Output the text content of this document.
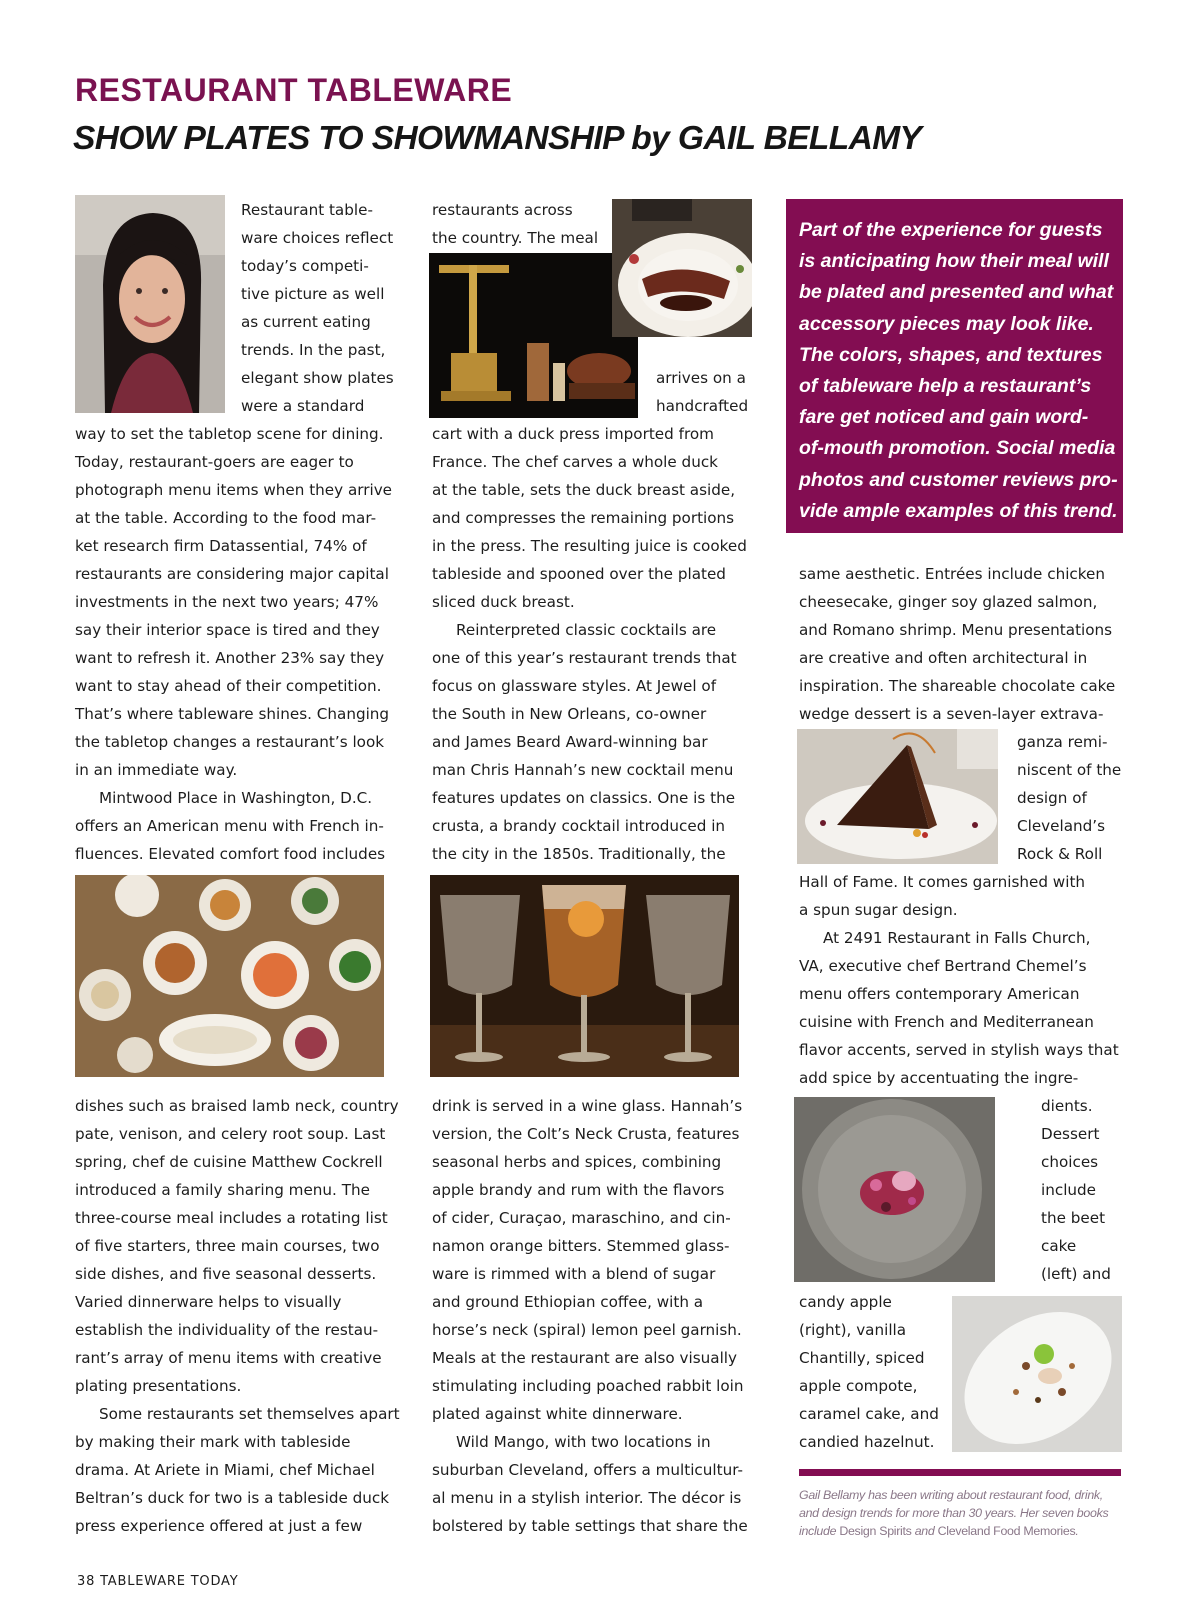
RESTAURANT TABLEWARE
SHOW PLATES TO SHOWMANSHIP by GAIL BELLAMY
Part of the experience for guests
is anticipating how their meal will
be plated and presented and what
accessory pieces may look like.
The colors, shapes, and textures
of tableware help a restaurant’s
fare get noticed and gain word-
of-mouth promotion. Social media
photos and customer reviews pro-
vide ample examples of this trend.
Restaurant table-
ware choices reflect
today’s competi-
tive picture as well
as current eating
trends. In the past,
elegant show plates
were a standard
way to set the tabletop scene for dining.
Today, restaurant-goers are eager to
photograph menu items when they arrive
at the table. According to the food mar-
ket research firm Datassential, 74% of
restaurants are considering major capital
investments in the next two years; 47%
say their interior space is tired and they
want to refresh it. Another 23% say they
want to stay ahead of their competition.
That’s where tableware shines. Changing
the tabletop changes a restaurant’s look
in an immediate way.
Mintwood Place in Washington, D.C.
offers an American menu with French in-
fluences. Elevated comfort food includes
dishes such as braised lamb neck, country
pate, venison, and celery root soup. Last
spring, chef de cuisine Matthew Cockrell
introduced a family sharing menu. The
three-course meal includes a rotating list
of five starters, three main courses, two
side dishes, and five seasonal desserts.
Varied dinnerware helps to visually
establish the individuality of the restau-
rant’s array of menu items with creative
plating presentations.
Some restaurants set themselves apart
by making their mark with tableside
drama. At Ariete in Miami, chef Michael
Beltran’s duck for two is a tableside duck
press experience offered at just a few
restaurants across
the country. The meal
arrives on a
handcrafted
cart with a duck press imported from
France. The chef carves a whole duck
at the table, sets the duck breast aside,
and compresses the remaining portions
in the press. The resulting juice is cooked
tableside and spooned over the plated
sliced duck breast.
Reinterpreted classic cocktails are
one of this year’s restaurant trends that
focus on glassware styles. At Jewel of
the South in New Orleans, co-owner
and James Beard Award-winning bar
man Chris Hannah’s new cocktail menu
features updates on classics. One is the
crusta, a brandy cocktail introduced in
the city in the 1850s. Traditionally, the
drink is served in a wine glass. Hannah’s
version, the Colt’s Neck Crusta, features
seasonal herbs and spices, combining
apple brandy and rum with the flavors
of cider, Curaçao, maraschino, and cin-
namon orange bitters. Stemmed glass-
ware is rimmed with a blend of sugar
and ground Ethiopian coffee, with a
horse’s neck (spiral) lemon peel garnish.
Meals at the restaurant are also visually
stimulating including poached rabbit loin
plated against white dinnerware.
Wild Mango, with two locations in
suburban Cleveland, offers a multicultur-
al menu in a stylish interior. The décor is
bolstered by table settings that share the
same aesthetic. Entrées include chicken
cheesecake, ginger soy glazed salmon,
and Romano shrimp. Menu presentations
are creative and often architectural in
inspiration. The shareable chocolate cake
wedge dessert is a seven-layer extrava-
ganza remi-
niscent of the
design of
Cleveland’s
Rock & Roll
Hall of Fame. It comes garnished with
a spun sugar design.
At 2491 Restaurant in Falls Church,
VA, executive chef Bertrand Chemel’s
menu offers contemporary American
cuisine with French and Mediterranean
flavor accents, served in stylish ways that
add spice by accentuating the ingre-
dients.
Dessert
choices
include
the beet
cake
(left) and
candy apple
(right), vanilla
Chantilly, spiced
apple compote,
caramel cake, and
candied hazelnut.
Gail Bellamy has been writing about restaurant food, drink,
and design trends for more than 30 years. Her seven books
include Design Spirits and Cleveland Food Memories.
38 TABLEWARE TODAY
